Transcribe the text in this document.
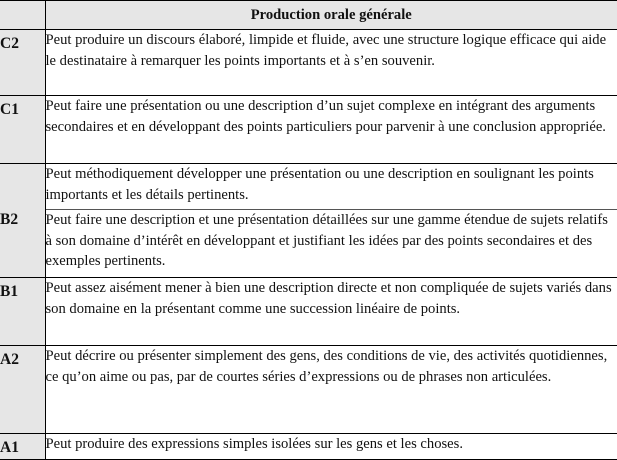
	Production orale générale
C2	Peut produire un discours élaboré, limpide et fluide, avec une structure logique efficace qui aide le destinataire à remarquer les points importants et à s’en souvenir.
C1	Peut faire une présentation ou une description d’un sujet complexe en intégrant des arguments secondaires et en développant des points particuliers pour parvenir à une conclusion appropriée.
B2	Peut méthodiquement développer une présentation ou une description en soulignant les points importants et les détails pertinents.
	Peut faire une description et une présentation détaillées sur une gamme étendue de sujets relatifs à son domaine d’intérêt en développant et justifiant les idées par des points secondaires et des exemples pertinents.
B1	Peut assez aisément mener à bien une description directe et non compliquée de sujets variés dans son domaine en la présentant comme une succession linéaire de points.
A2	Peut décrire ou présenter simplement des gens, des conditions de vie, des activités quotidiennes, ce qu’on aime ou pas, par de courtes séries d’expressions ou de phrases non articulées.
A1	Peut produire des expressions simples isolées sur les gens et les choses.
